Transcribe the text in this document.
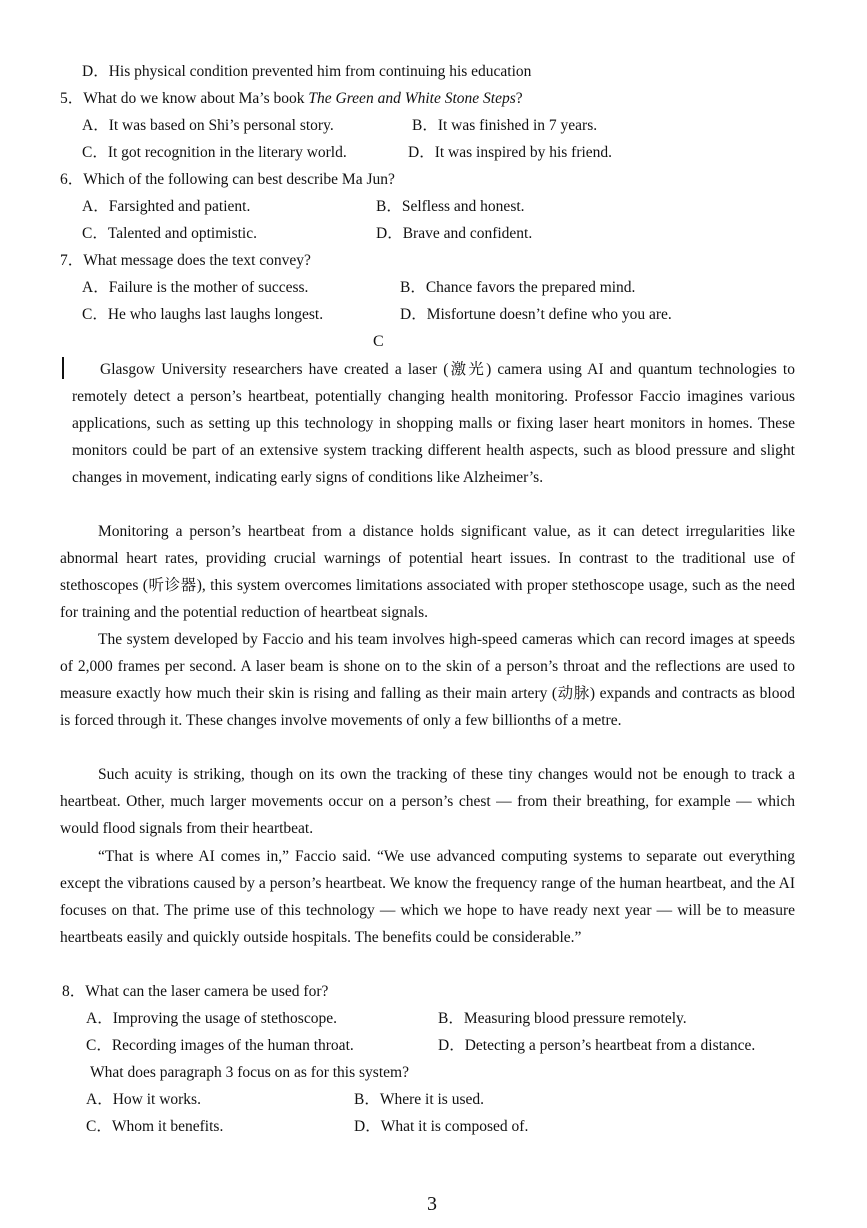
D．His physical condition prevented him from continuing his education
5．What do we know about Ma’s book The Green and White Stone Steps?
A．It was based on Shi’s personal story.	B．It was finished in 7 years.
C．It got recognition in the literary world.	D．It was inspired by his friend.
6．Which of the following can best describe Ma Jun?
A．Farsighted and patient.	B．Selfless and honest.
C．Talented and optimistic.	D．Brave and confident.
7．What message does the text convey?
A．Failure is the mother of success.	B．Chance favors the prepared mind.
C．He who laughs last laughs longest.	D．Misfortune doesn’t define who you are.
C
Glasgow University researchers have created a laser (激光) camera using AI and quantum technologies to remotely detect a person’s heartbeat, potentially changing health monitoring. Professor Faccio imagines various applications, such as setting up this technology in shopping malls or fixing laser heart monitors in homes. These monitors could be part of an extensive system tracking different health aspects, such as blood pressure and slight changes in movement, indicating early signs of conditions like Alzheimer’s.
Monitoring a person’s heartbeat from a distance holds significant value, as it can detect irregularities like abnormal heart rates, providing crucial warnings of potential heart issues. In contrast to the traditional use of stethoscopes (听诊器), this system overcomes limitations associated with proper stethoscope usage, such as the need for training and the potential reduction of heartbeat signals.
The system developed by Faccio and his team involves high-speed cameras which can record images at speeds of 2,000 frames per second. A laser beam is shone on to the skin of a person’s throat and the reflections are used to measure exactly how much their skin is rising and falling as their main artery (动脉) expands and contracts as blood is forced through it. These changes involve movements of only a few billionths of a metre.
Such acuity is striking, though on its own the tracking of these tiny changes would not be enough to track a heartbeat. Other, much larger movements occur on a person’s chest — from their breathing, for example — which would flood signals from their heartbeat.
“That is where AI comes in,” Faccio said. “We use advanced computing systems to separate out everything except the vibrations caused by a person’s heartbeat. We know the frequency range of the human heartbeat, and the AI focuses on that. The prime use of this technology — which we hope to have ready next year — will be to measure heartbeats easily and quickly outside hospitals. The benefits could be considerable.”
8．What can the laser camera be used for?
A．Improving the usage of stethoscope.	B．Measuring blood pressure remotely.
C．Recording images of the human throat.	D．Detecting a person’s heartbeat from a distance.
What does paragraph 3 focus on as for this system?
A．How it works.	B．Where it is used.
C．Whom it benefits.	D．What it is composed of.
3
